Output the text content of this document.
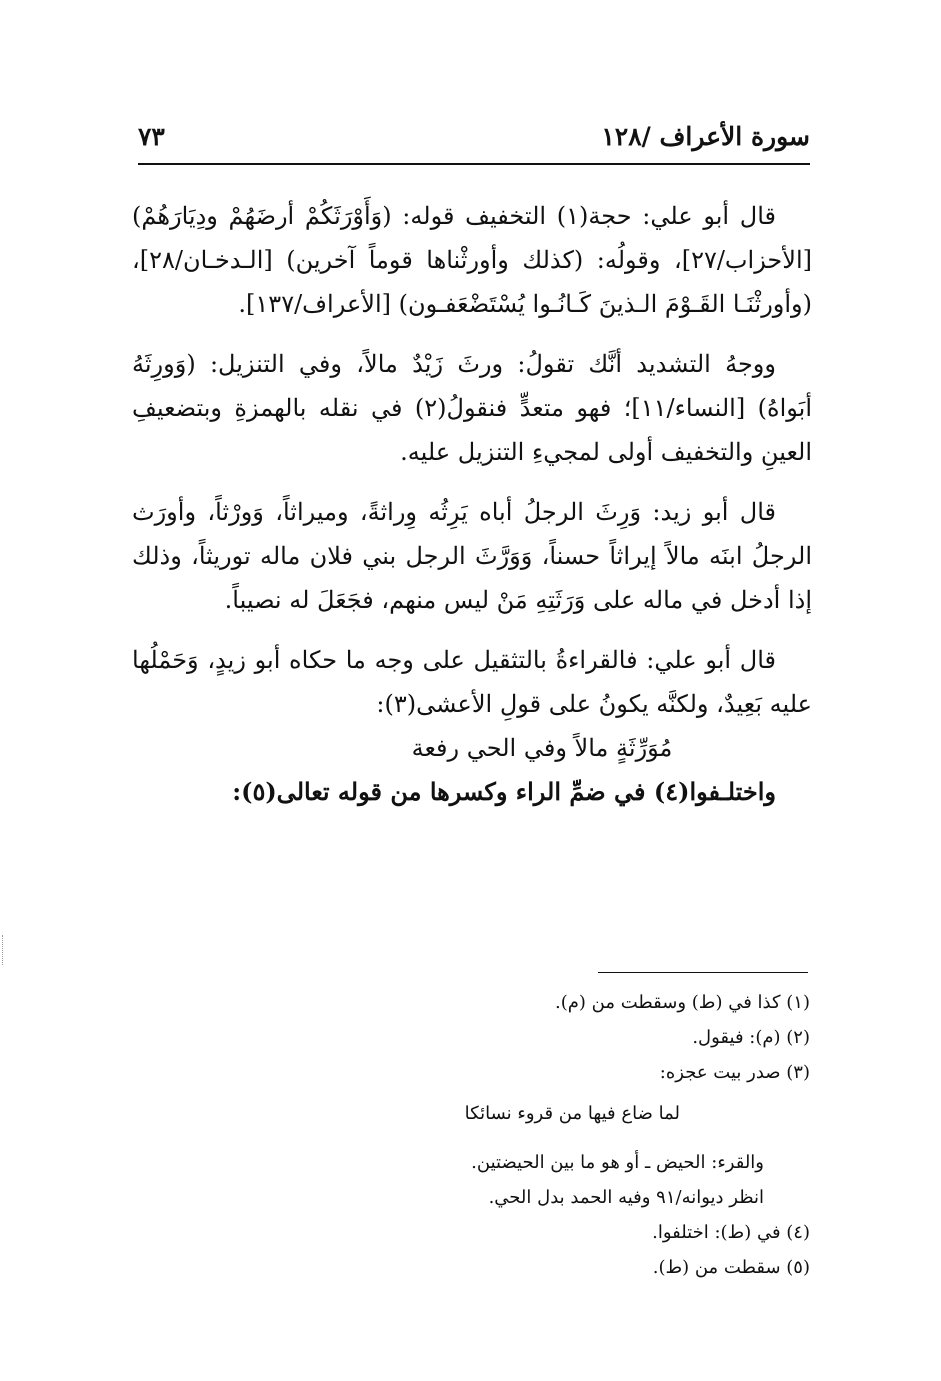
سورة الأعراف /١٢٨
٧٣

قال أبو علي: حجة(١) التخفيف قوله: (وَأَوْرَثَكُمْ أرضَهُمْ ودِيَارَهُمْ) [الأحزاب/٢٧]، وقولُه: (كذلك وأورثْناها قوماً آخرين) [الـدخـان/٢٨]، (وأورثْنَـا القَـوْمَ الـذينَ كَـانُـوا يُسْتَضْعَفـون) [الأعراف/١٣٧].

ووجهُ التشديد أنَّك تقولُ: ورثَ زَيْدٌ مالاً، وفي التنزيل: (وَورِثَهُ أبَواهُ) [النساء/١١]؛ فهو متعدٍّ فنقولُ(٢) في نقله بالهمزةِ وبتضعيفِ العينِ والتخفيف أولى لمجيءِ التنزيل عليه.

قال أبو زيد: وَرِثَ الرجلُ أباه يَرِثُه وِراثةً، وميراثاً، وَورْثاً، وأورَث الرجلُ ابنَه مالاً إيراثاً حسناً، وَوَرَّثَ الرجل بني فلان ماله توريثاً، وذلك إذا أدخل في ماله على وَرَثَتِهِ مَنْ ليس منهم، فجَعَلَ له نصيباً.

قال أبو علي: فالقراءةُ بالتثقيل على وجه ما حكاه أبو زيدٍ، وَحَمْلُها عليه بَعِيدٌ، ولكنَّه يكونُ على قولِ الأعشى(٣):

مُوَرِّثَةٍ مالاً وفي الحي رفعة

واختلـفوا(٤) في ضمِّ الراء وكسرها من قوله تعالى(٥):

(١) كذا في (ط) وسقطت من (م).

(٢) (م): فيقول.

(٣) صدر بيت عجزه:

لما ضاع فيها من قروء نسائكا

والقرء: الحيض ـ أو هو ما بين الحيضتين.

انظر ديوانه/٩١ وفيه الحمد بدل الحي.

(٤) في (ط): اختلفوا.

(٥) سقطت من (ط).
